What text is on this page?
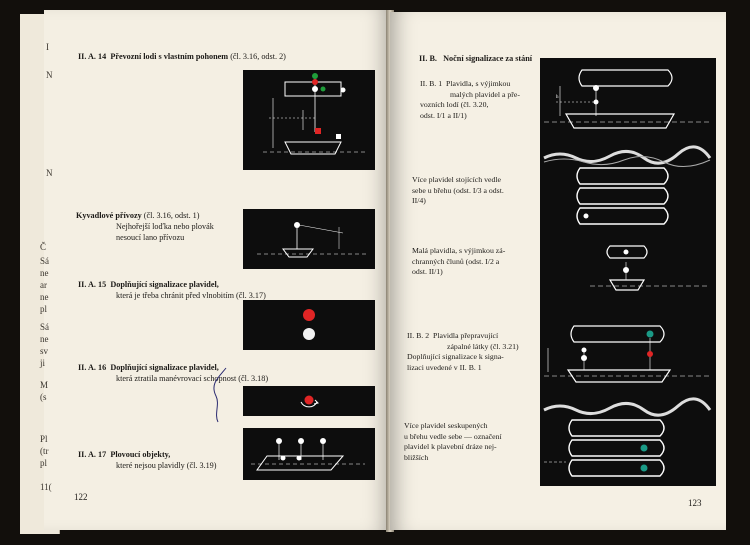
I
N
N
Č
Sá
ne
ar
ne
pl
Sá
ne
sv
ji
M
(s
Pl
(tr
pl
11(
II. A. 14 Převozní lodi s vlastním pohonem (čl. 3.16, odst. 2)
Kyvadlové přívozy (čl. 3.16, odst. 1)
Nejhořejší loďka nebo plovák
nesoucí lano přívozu
II. A. 15 Doplňující signalizace plavidel,
která je třeba chránit před vlnobitím (čl. 3.17)
II. A. 16 Doplňující signalizace plavidel,
která ztratila manévrovací schopnost (čl. 3.18)
II. A. 17 Plovoucí objekty,
které nejsou plavidly (čl. 3.19)
122
II. B. Noční signalizace za stání
II. B. 1 Plavidla, s výjimkou
malých plavidel a pře-
vozních lodí (čl. 3.20,
odst. I/1 a II/1)
Více plavidel stojících vedle
sebe u břehu (odst. I/3 a odst.
II/4)
Malá plavidla, s výjimkou zá-
chranných člunů (odst. I/2 a
odst. II/1)
II. B. 2 Plavidla přepravující
zápalné látky (čl. 3.21)
Doplňující signalizace k signa-
lizaci uvedené v II. B. 1
Více plavidel seskupených
u břehu vedle sebe — označení
plavidel k plavební dráze nej-
bližších
h
123
